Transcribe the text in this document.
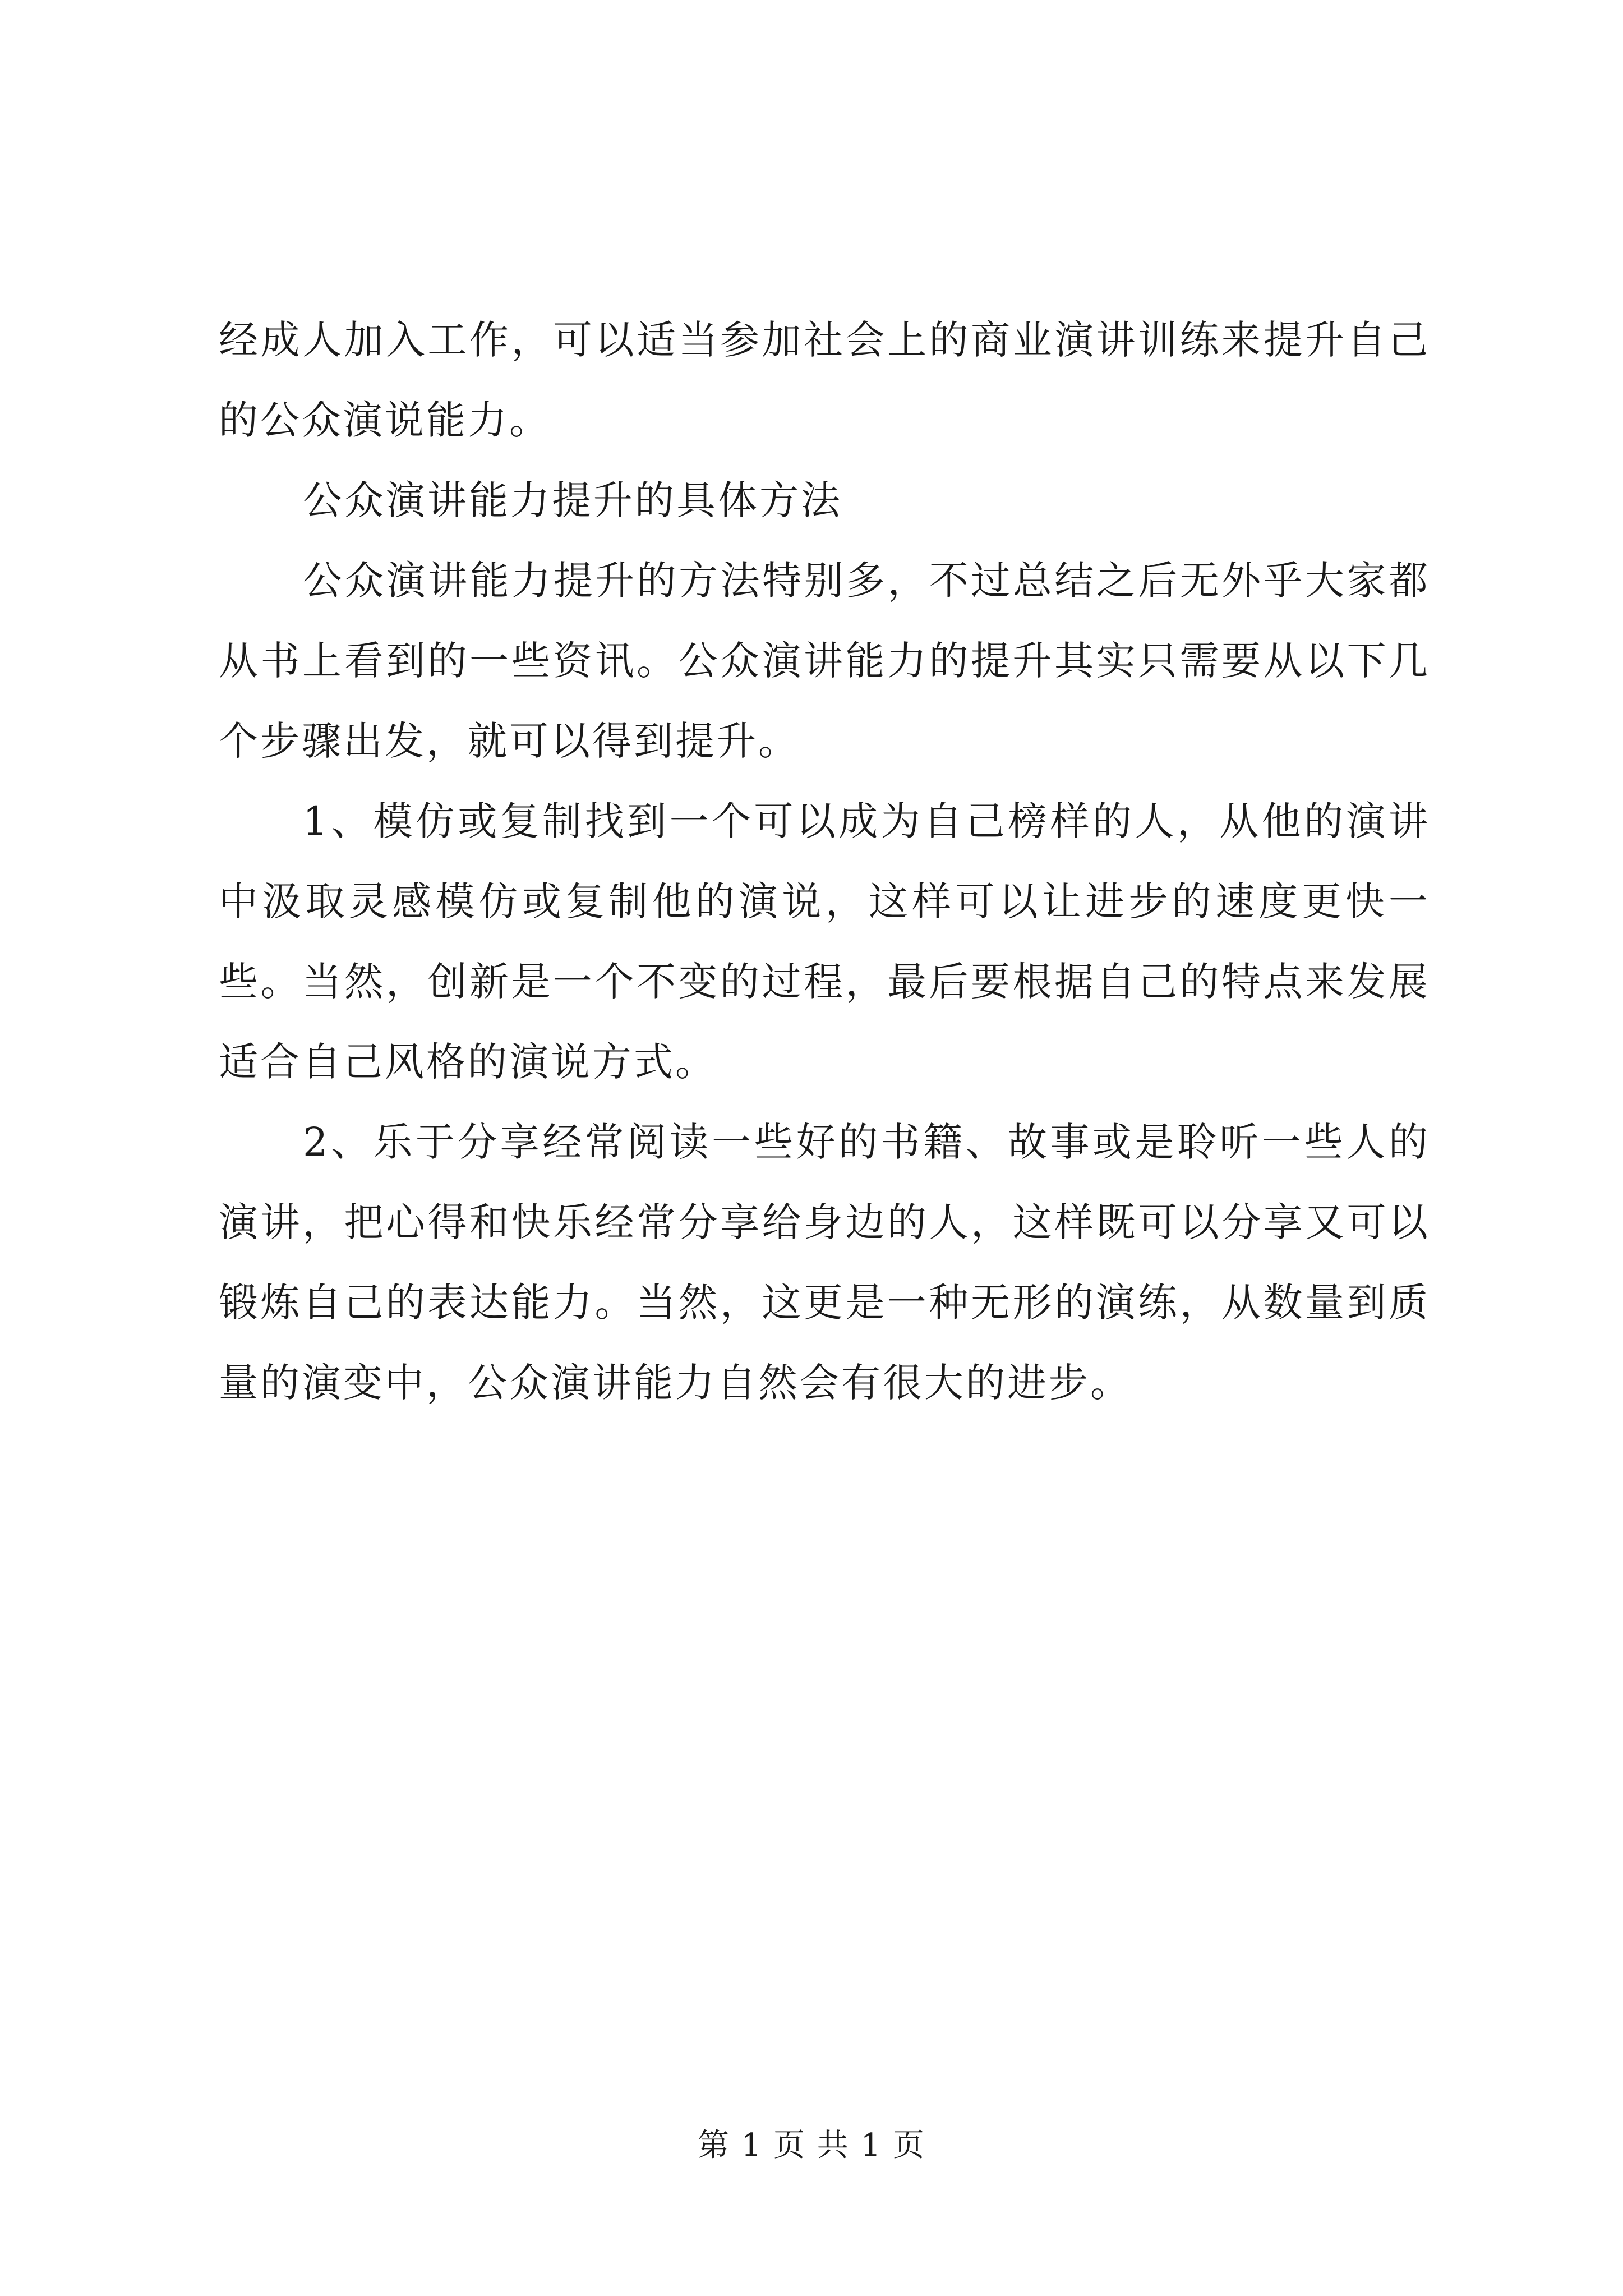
经成人加入工作，可以适当参加社会上的商业演讲训练来提升自己的公众演说能力。

公众演讲能力提升的具体方法

公众演讲能力提升的方法特别多，不过总结之后无外乎大家都从书上看到的一些资讯。公众演讲能力的提升其实只需要从以下几个步骤出发，就可以得到提升。

1、模仿或复制找到一个可以成为自己榜样的人，从他的演讲中汲取灵感模仿或复制他的演说，这样可以让进步的速度更快一些。当然，创新是一个不变的过程，最后要根据自己的特点来发展适合自己风格的演说方式。

2、乐于分享经常阅读一些好的书籍、故事或是聆听一些人的演讲，把心得和快乐经常分享给身边的人，这样既可以分享又可以锻炼自己的表达能力。当然，这更是一种无形的演练，从数量到质量的演变中，公众演讲能力自然会有很大的进步。

第 1 页 共 1 页
